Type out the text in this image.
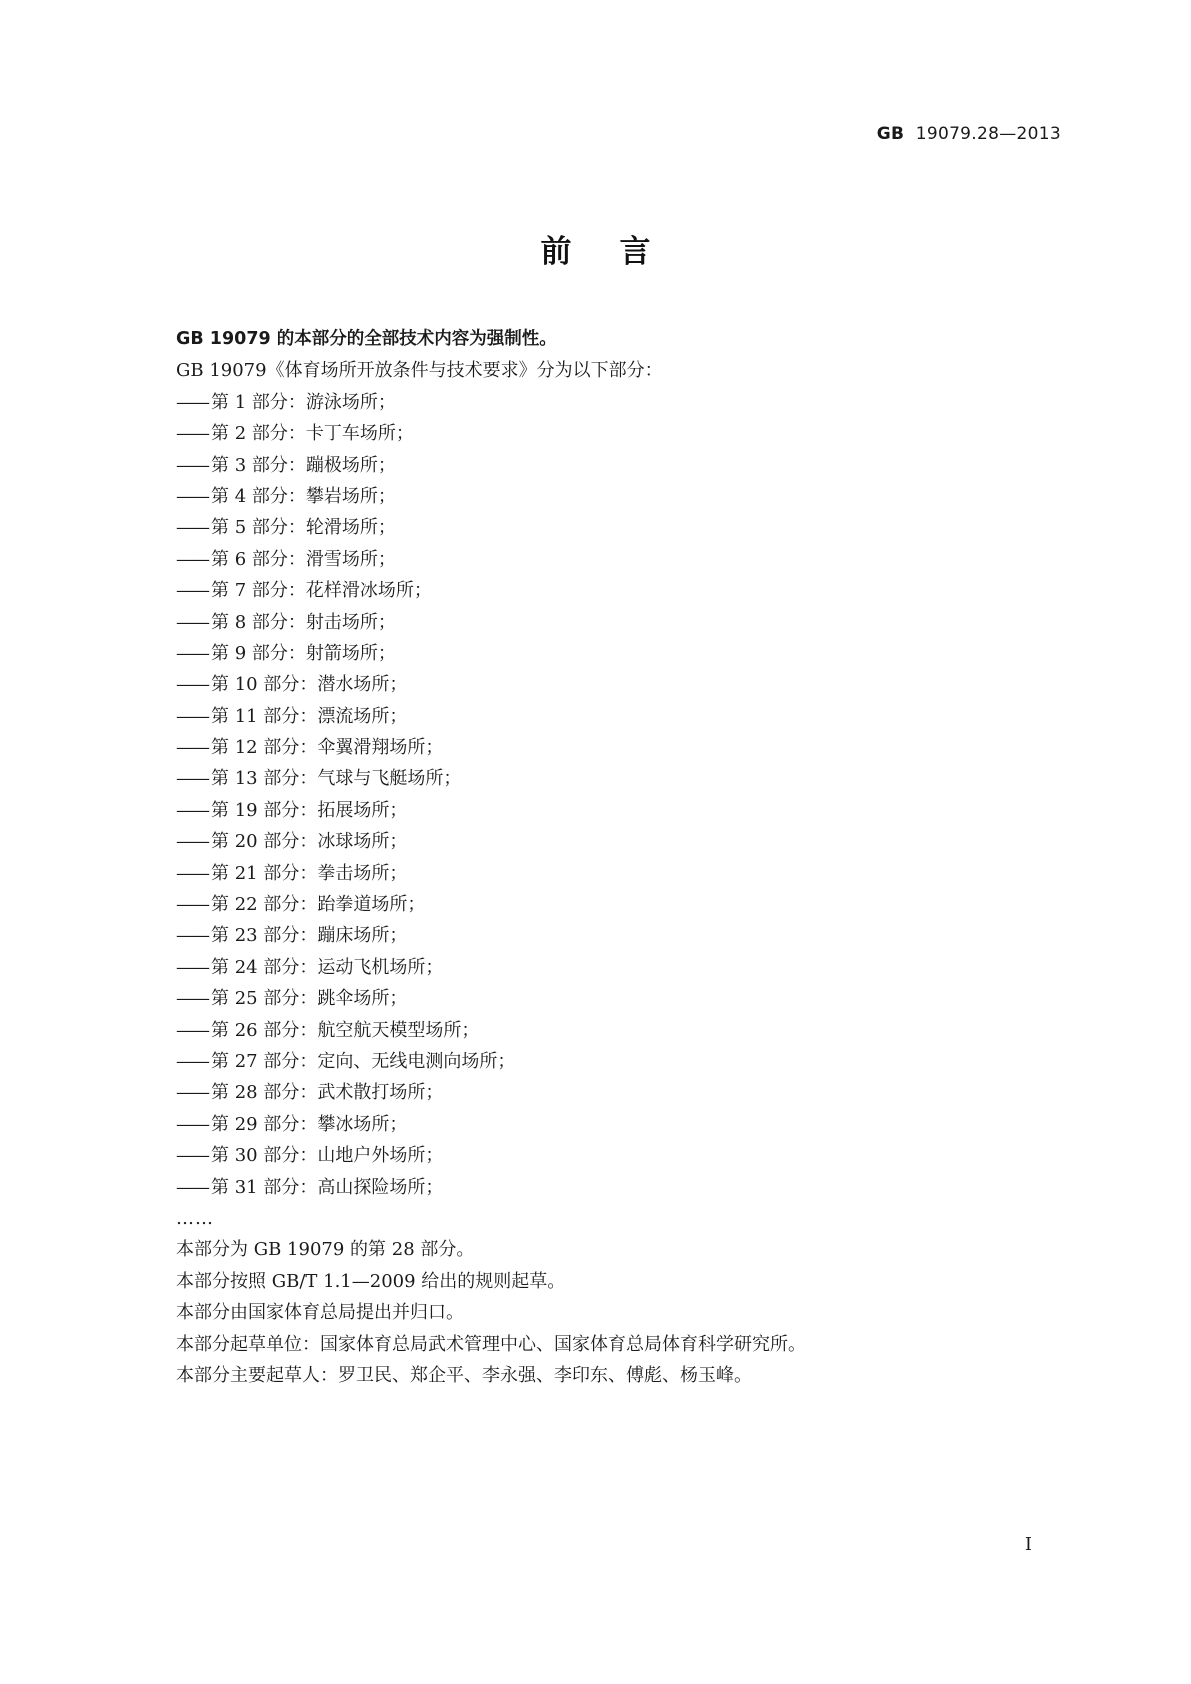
GB 19079.28—2013
前言
GB 19079 的本部分的全部技术内容为强制性。
GB 19079《体育场所开放条件与技术要求》分为以下部分：
—— 第 1 部分：游泳场所；
—— 第 2 部分：卡丁车场所；
—— 第 3 部分：蹦极场所；
—— 第 4 部分：攀岩场所；
—— 第 5 部分：轮滑场所；
—— 第 6 部分：滑雪场所；
—— 第 7 部分：花样滑冰场所；
—— 第 8 部分：射击场所；
—— 第 9 部分：射箭场所；
—— 第 10 部分：潜水场所；
—— 第 11 部分：漂流场所；
—— 第 12 部分：伞翼滑翔场所；
—— 第 13 部分：气球与飞艇场所；
—— 第 19 部分：拓展场所；
—— 第 20 部分：冰球场所；
—— 第 21 部分：拳击场所；
—— 第 22 部分：跆拳道场所；
—— 第 23 部分：蹦床场所；
—— 第 24 部分：运动飞机场所；
—— 第 25 部分：跳伞场所；
—— 第 26 部分：航空航天模型场所；
—— 第 27 部分：定向、无线电测向场所；
—— 第 28 部分：武术散打场所；
—— 第 29 部分：攀冰场所；
—— 第 30 部分：山地户外场所；
—— 第 31 部分：高山探险场所；
……
本部分为 GB 19079 的第 28 部分。
本部分按照 GB/T 1.1—2009 给出的规则起草。
本部分由国家体育总局提出并归口。
本部分起草单位：国家体育总局武术管理中心、国家体育总局体育科学研究所。
本部分主要起草人：罗卫民、郑企平、李永强、李印东、傅彪、杨玉峰。
I
